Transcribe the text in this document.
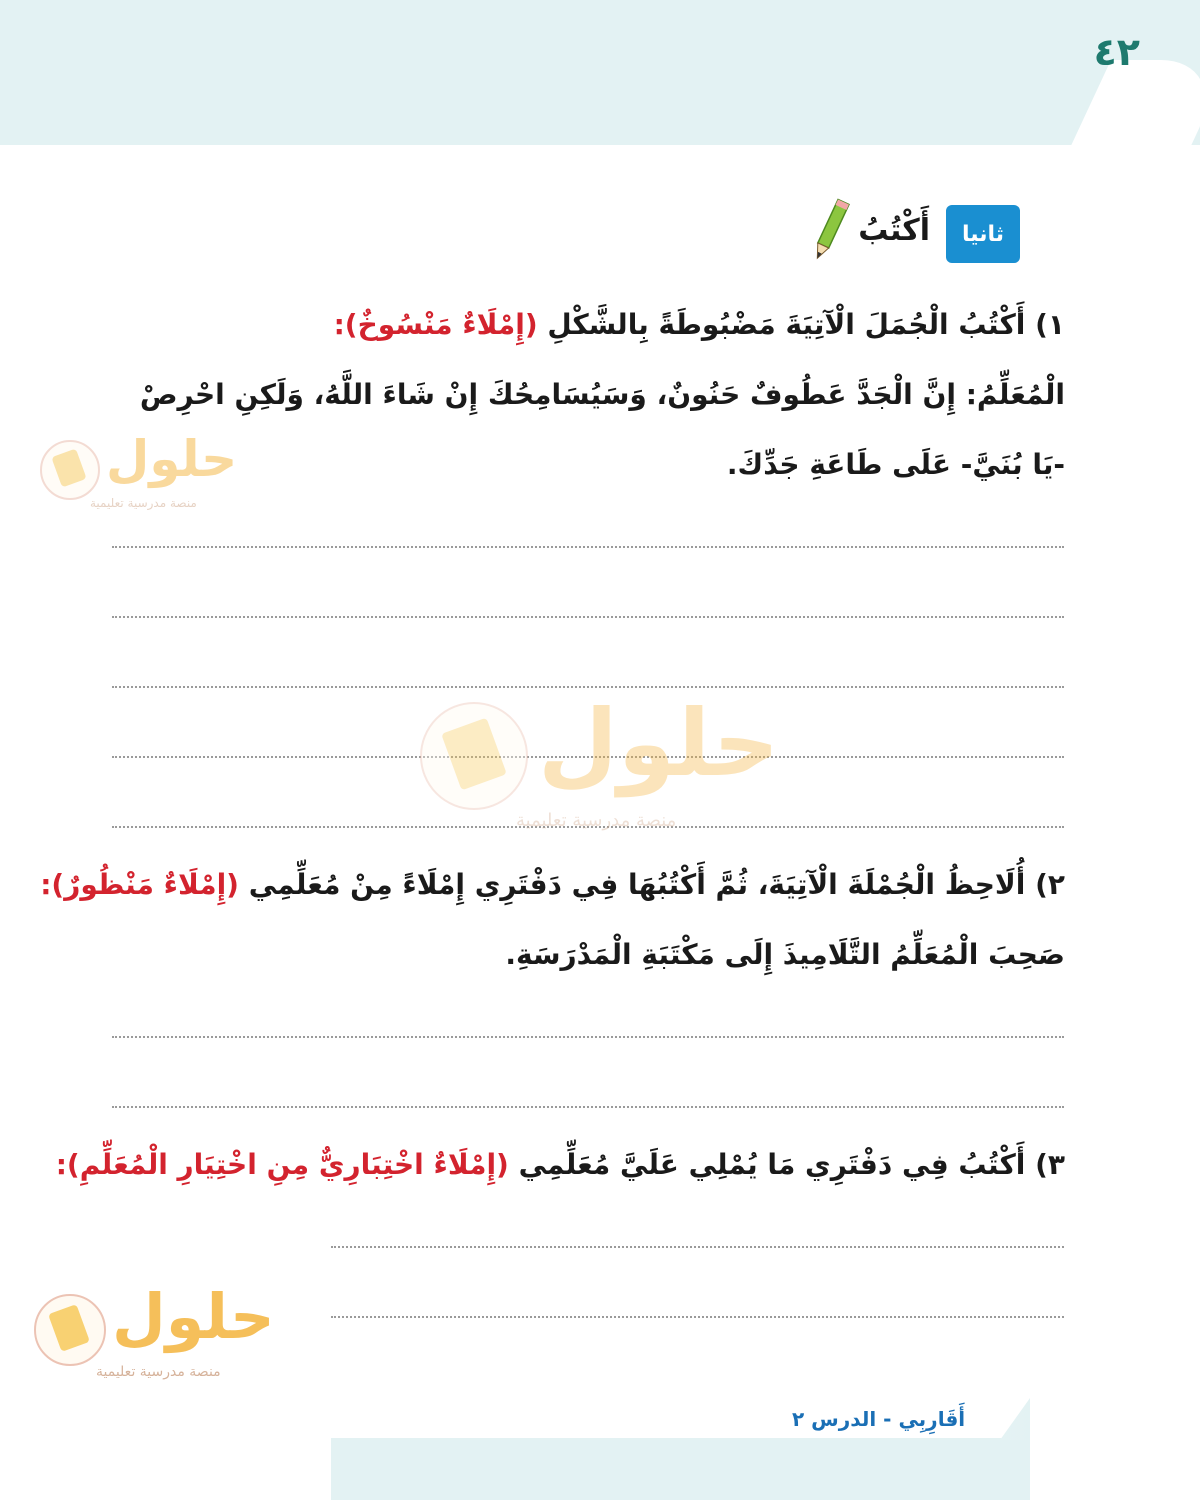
٤٢
ثانيا
أَكْتُبُ
١) أَكْتُبُ الْجُمَلَ الْآتِيَةَ مَضْبُوطَةً بِالشَّكْلِ (إِمْلَاءٌ مَنْسُوخٌ):
الْمُعَلِّمُ: إِنَّ الْجَدَّ عَطُوفٌ حَنُونٌ، وَسَيُسَامِحُكَ إِنْ شَاءَ اللَّهُ، وَلَكِنِ احْرِصْ
-يَا بُنَيَّ- عَلَى طَاعَةِ جَدِّكَ.
٢) أُلَاحِظُ الْجُمْلَةَ الْآتِيَةَ، ثُمَّ أَكْتُبُهَا فِي دَفْتَرِي إِمْلَاءً مِنْ مُعَلِّمِي (إِمْلَاءٌ مَنْظُورٌ):
صَحِبَ الْمُعَلِّمُ التَّلَامِيذَ إِلَى مَكْتَبَةِ الْمَدْرَسَةِ.
٣) أَكْتُبُ فِي دَفْتَرِي مَا يُمْلِي عَلَيَّ مُعَلِّمِي (إِمْلَاءٌ اخْتِبَارِيٌّ مِنِ اخْتِيَارِ الْمُعَلِّمِ):
حلول
منصة مدرسية تعليمية
حلول
منصة مدرسية تعليمية
حلول
منصة مدرسية تعليمية
أَقَارِبِي - الدرس ٢
